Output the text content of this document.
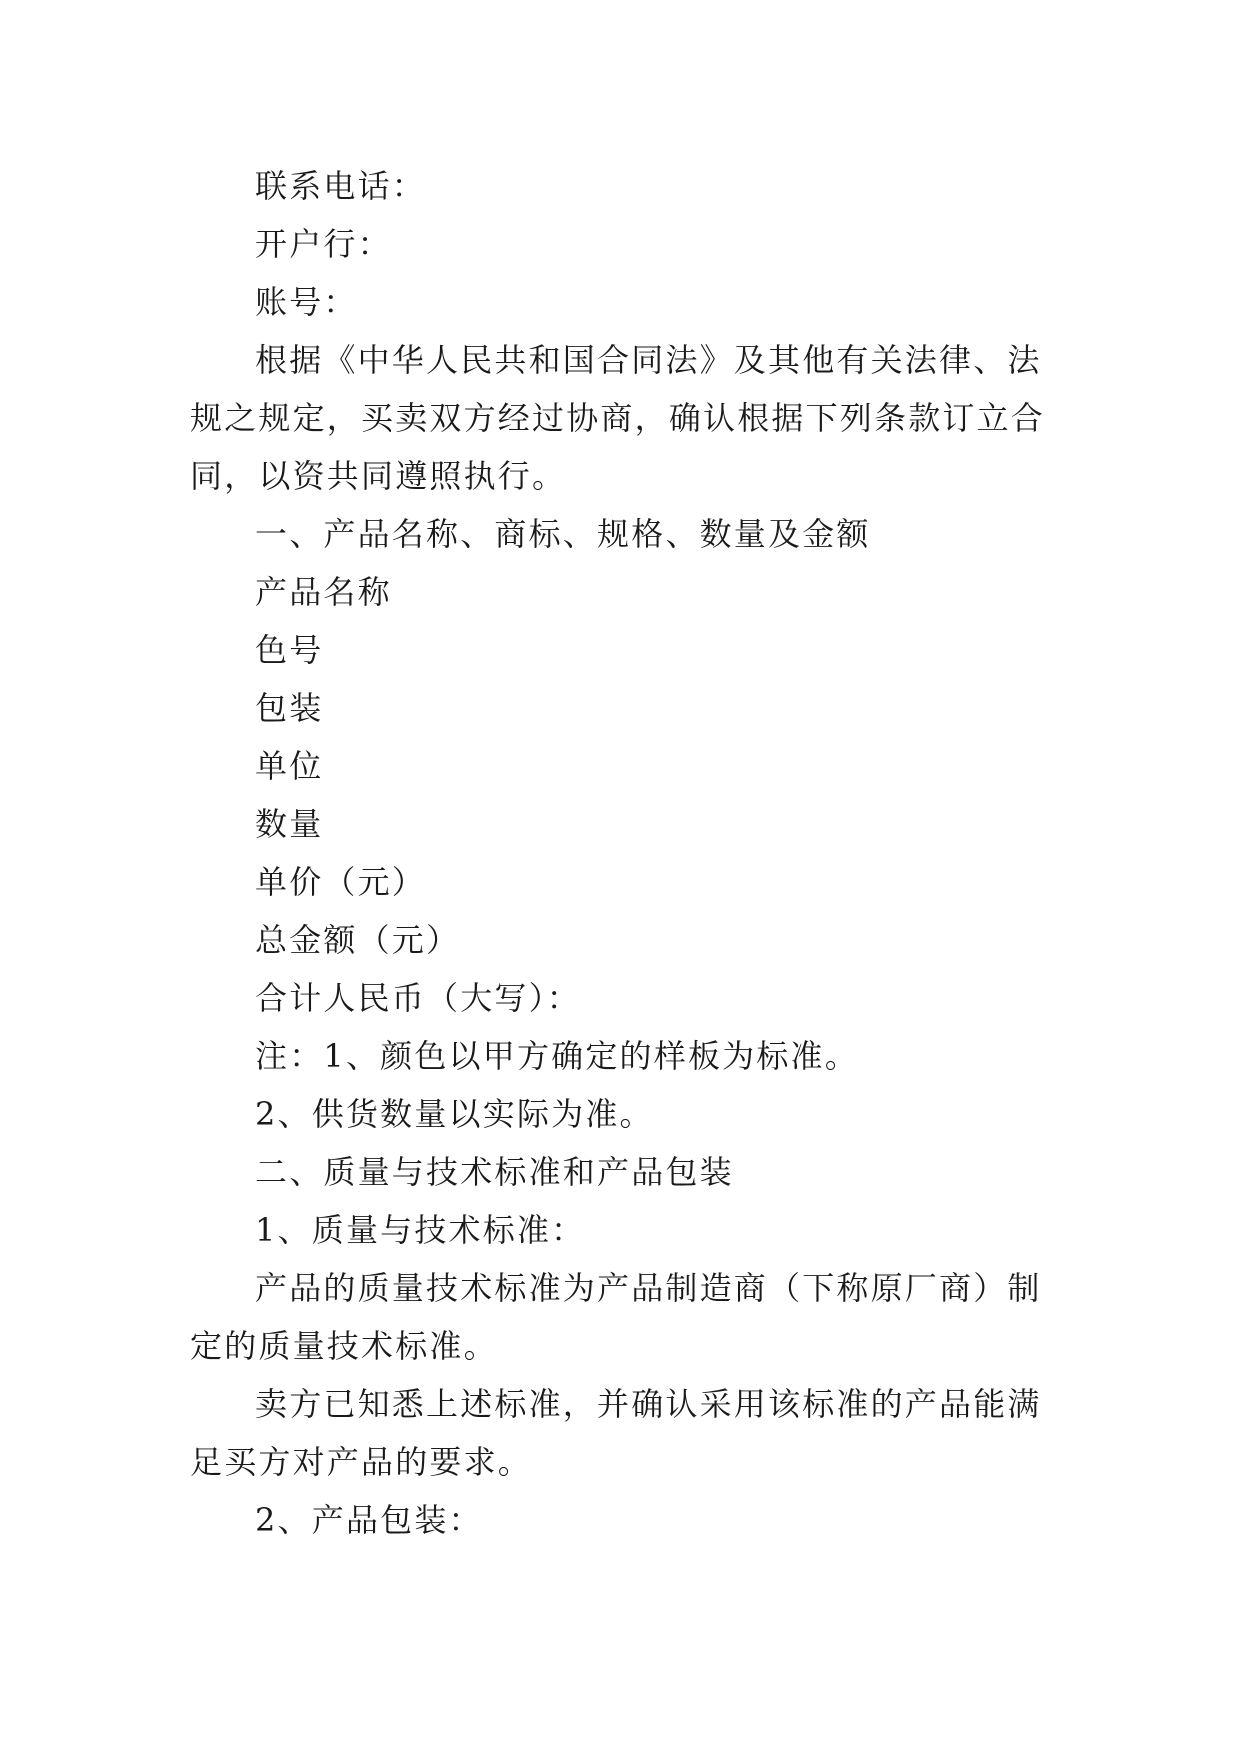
联系电话：

开户行：

账号：

根据《中华人民共和国合同法》及其他有关法律、法规之规定，买卖双方经过协商，确认根据下列条款订立合同，以资共同遵照执行。

一、产品名称、商标、规格、数量及金额

产品名称

色号

包装

单位

数量

单价（元）

总金额（元）

合计人民币（大写）：

注：1、颜色以甲方确定的样板为标准。

2、供货数量以实际为准。

二、质量与技术标准和产品包装

1、质量与技术标准：

产品的质量技术标准为产品制造商（下称原厂商）制定的质量技术标准。

卖方已知悉上述标准，并确认采用该标准的产品能满足买方对产品的要求。

2、产品包装：
